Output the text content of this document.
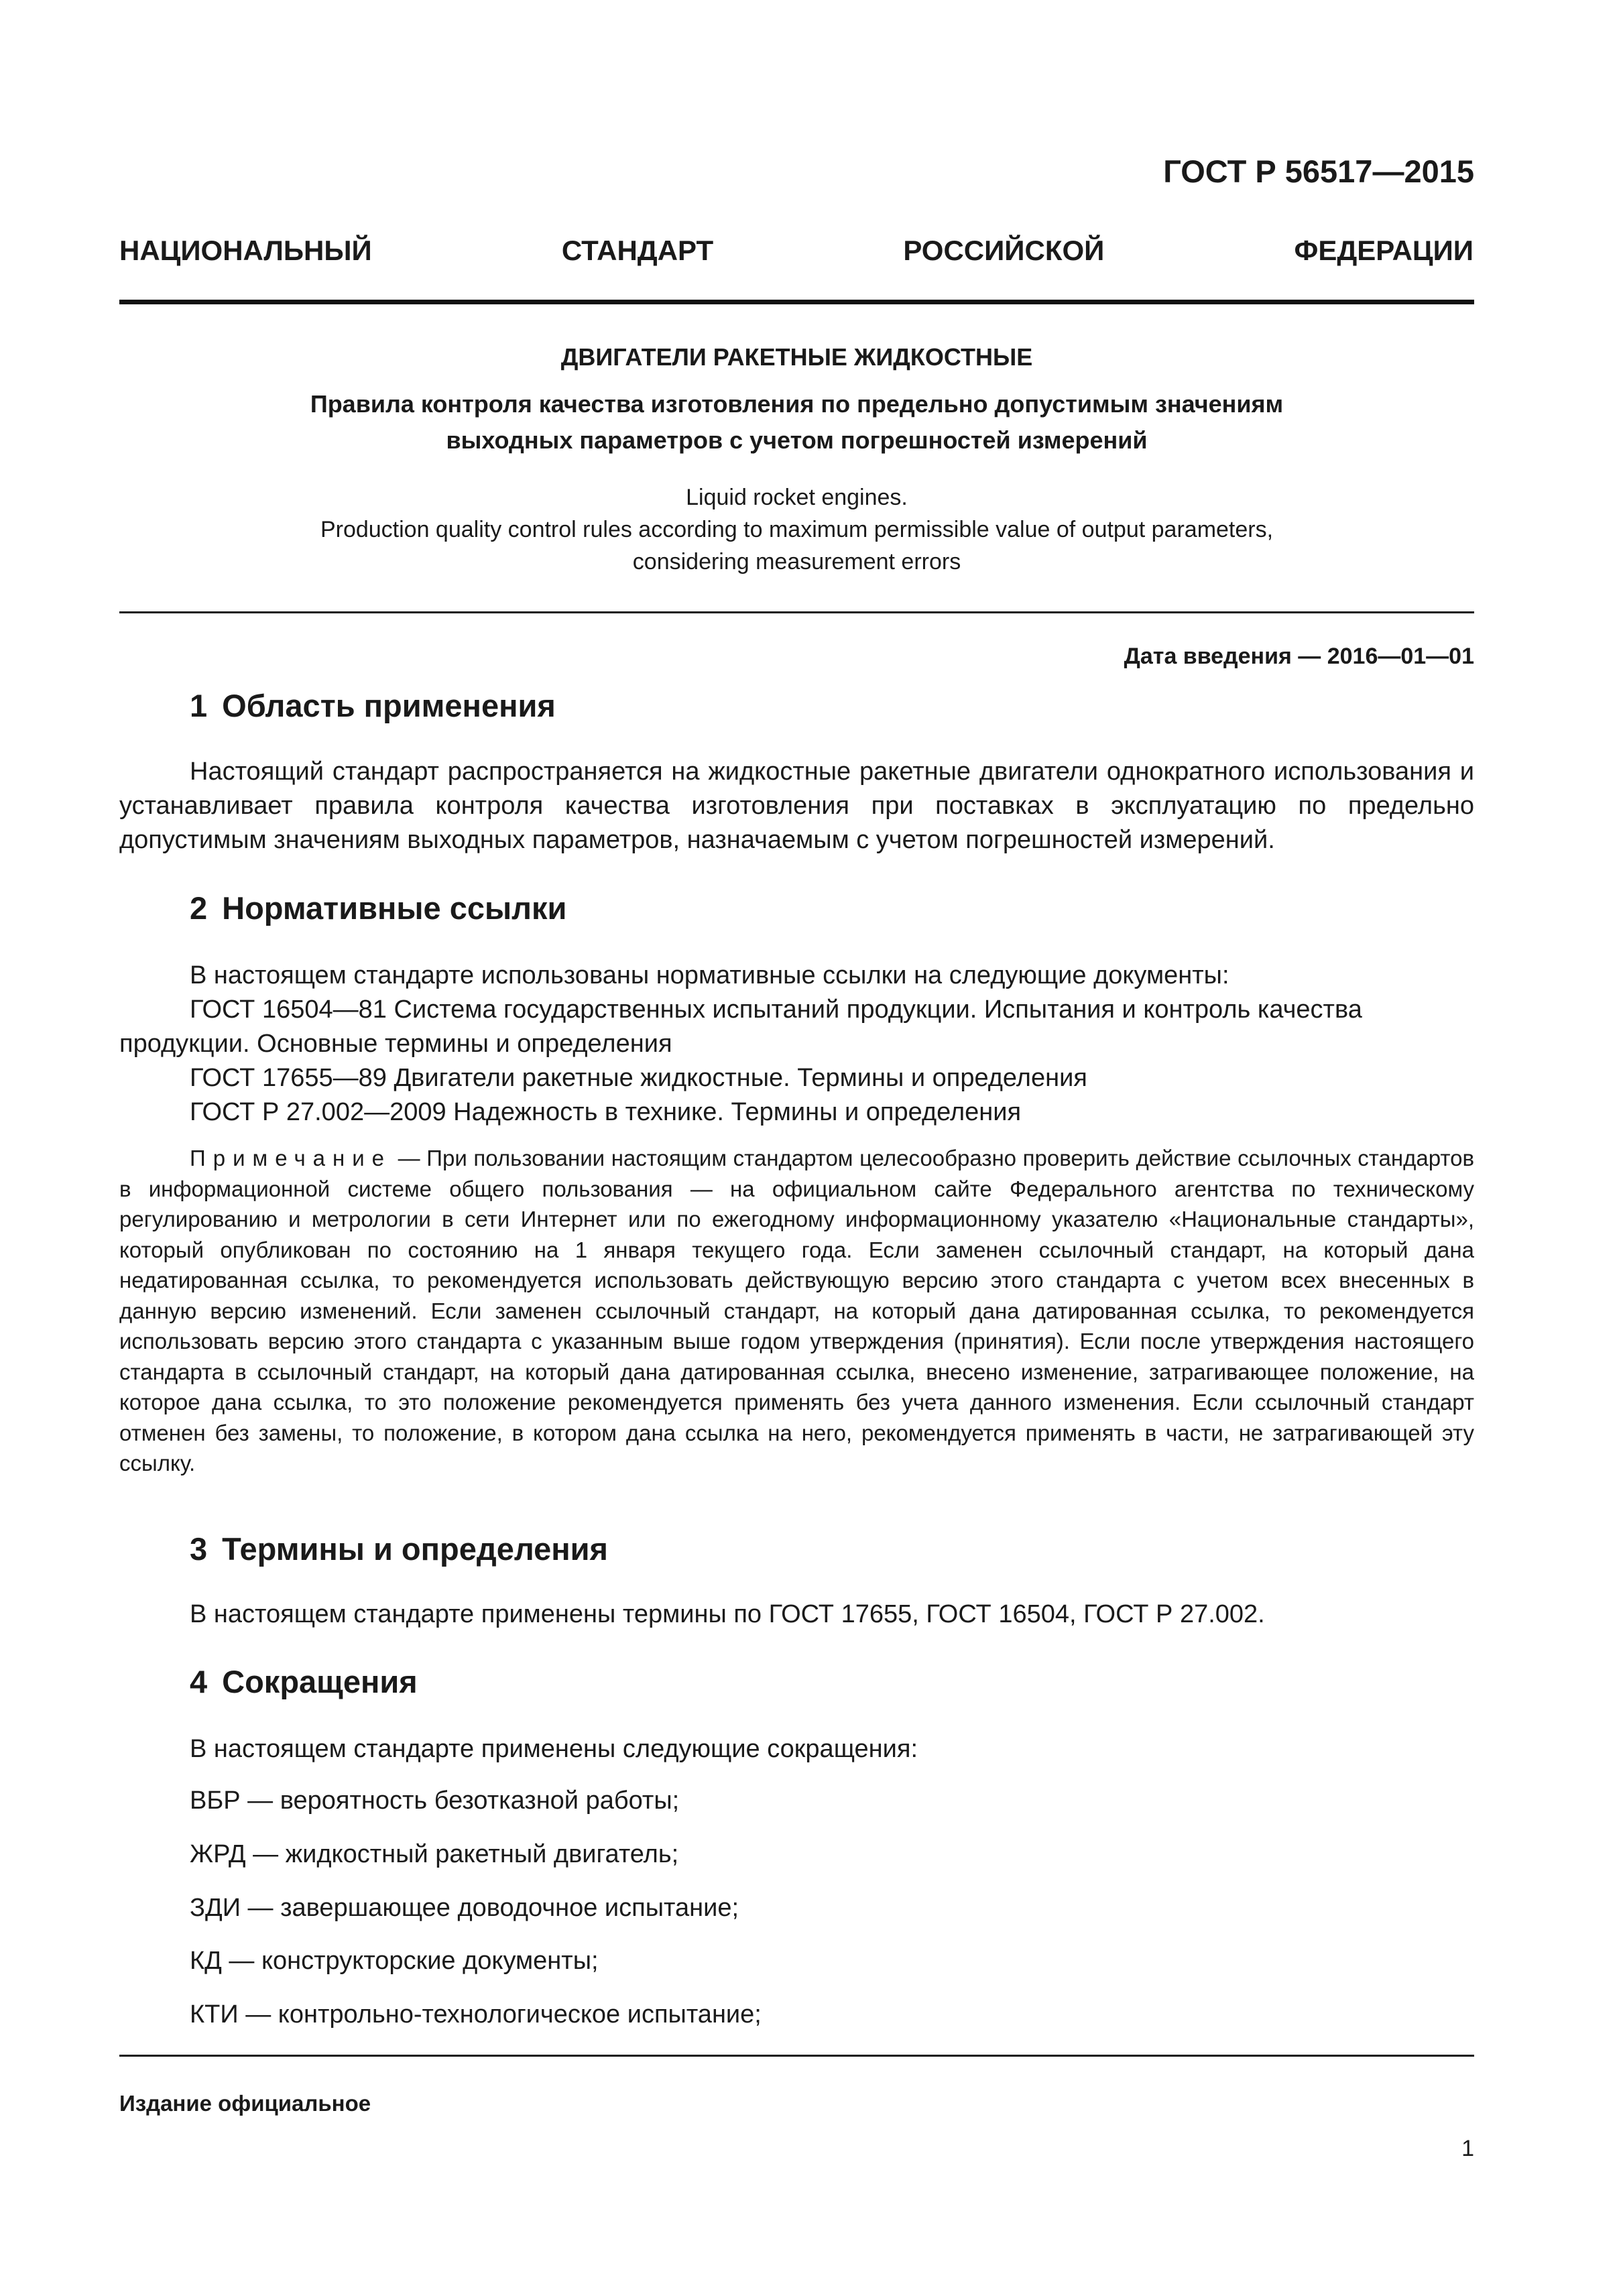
ГОСТ Р 56517—2015
НАЦИОНАЛЬНЫЙ СТАНДАРТ РОССИЙСКОЙ ФЕДЕРАЦИИ
ДВИГАТЕЛИ РАКЕТНЫЕ ЖИДКОСТНЫЕ
Правила контроля качества изготовления по предельно допустимым значениям
выходных параметров с учетом погрешностей измерений
Liquid rocket engines.
Production quality control rules according to maximum permissible value of output parameters,
considering measurement errors
Дата введения — 2016—01—01
1 Область применения

Настоящий стандарт распространяется на жидкостные ракетные двигатели однократного использования и устанавливает правила контроля качества изготовления при поставках в эксплуатацию по предельно допустимым значениям выходных параметров, назначаемым с учетом погрешностей измерений.

2 Нормативные ссылки

В настоящем стандарте использованы нормативные ссылки на следующие документы:

ГОСТ 16504—81 Система государственных испытаний продукции. Испытания и контроль качества продукции. Основные термины и определения

ГОСТ 17655—89 Двигатели ракетные жидкостные. Термины и определения

ГОСТ Р 27.002—2009 Надежность в технике. Термины и определения

Примечание — При пользовании настоящим стандартом целесообразно проверить действие ссылочных стандартов в информационной системе общего пользования — на официальном сайте Федерального агентства по техническому регулированию и метрологии в сети Интернет или по ежегодному информационному указателю «Национальные стандарты», который опубликован по состоянию на 1 января текущего года. Если заменен ссылочный стандарт, на который дана недатированная ссылка, то рекомендуется использовать действующую версию этого стандарта с учетом всех внесенных в данную версию изменений. Если заменен ссылочный стандарт, на который дана датированная ссылка, то рекомендуется использовать версию этого стандарта с указанным выше годом утверждения (принятия). Если после утверждения настоящего стандарта в ссылочный стандарт, на который дана датированная ссылка, внесено изменение, затрагивающее положение, на которое дана ссылка, то это положение рекомендуется применять без учета данного изменения. Если ссылочный стандарт отменен без замены, то положение, в котором дана ссылка на него, рекомендуется применять в части, не затрагивающей эту ссылку.
3 Термины и определения

В настоящем стандарте применены термины по ГОСТ 17655, ГОСТ 16504, ГОСТ Р 27.002.

4 Сокращения

В настоящем стандарте применены следующие сокращения:

ВБР — вероятность безотказной работы;
ЖРД — жидкостный ракетный двигатель;
ЗДИ — завершающее доводочное испытание;
КД — конструкторские документы;
КТИ — контрольно-технологическое испытание;
Издание официальное
1
